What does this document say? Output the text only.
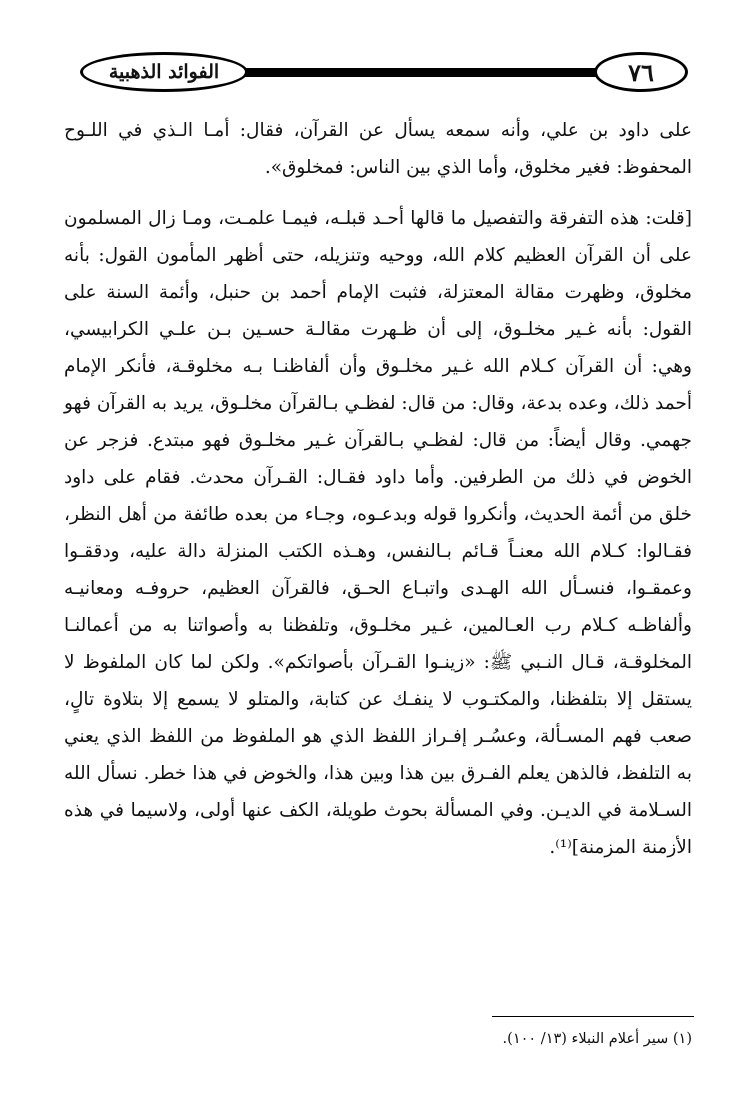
الفوائد الذهبية	٧٦

على داود بن علي، وأنه سمعه يسأل عن القرآن، فقال: أمـا الـذي في اللـوح المحفوظ: فغير مخلوق، وأما الذي بين الناس: فمخلوق».

[قلت: هذه التفرقة والتفصيل ما قالها أحـد قبلـه، فيمـا علمـت، ومـا زال المسلمون على أن القرآن العظيم كلام الله، ووحيه وتنزيله، حتى أظهر المأمون القول: بأنه مخلوق، وظهرت مقالة المعتزلة، فثبت الإمام أحمد بن حنبل، وأئمة السنة على القول: بأنه غـير مخلـوق، إلى أن ظـهرت مقالـة حسـين بـن علـي الكرابيسي، وهي: أن القرآن كـلام الله غـير مخلـوق وأن ألفاظنـا بـه مخلوقـة، فأنكر الإمام أحمد ذلك، وعده بدعة، وقال: من قال: لفظـي بـالقرآن مخلـوق، يريد به القرآن فهو جهمي. وقال أيضاً: من قال: لفظـي بـالقرآن غـير مخلـوق فهو مبتدع. فزجر عن الخوض في ذلك من الطرفين. وأما داود فقـال: القـرآن محدث. فقام على داود خلق من أئمة الحديث، وأنكروا قوله وبدعـوه، وجـاء من بعده طائفة من أهل النظر، فقـالوا: كـلام الله معنـاً قـائم بـالنفس، وهـذه الكتب المنزلة دالة عليه، ودققـوا وعمقـوا، فنسـأل الله الهـدى واتبـاع الحـق، فالقرآن العظيم، حروفـه ومعانيـه وألفاظـه كـلام رب العـالمين، غـير مخلـوق، وتلفظنا به وأصواتنا به من أعمالنـا المخلوقـة، قـال النـبي ﷺ: «زينـوا القـرآن بأصواتكم». ولكن لما كان الملفوظ لا يستقل إلا بتلفظنا، والمكتـوب لا ينفـك عن كتابة، والمتلو لا يسمع إلا بتلاوة تالٍ، صعب فهم المسـألة، وعسُـر إفـراز اللفظ الذي هو الملفوظ من اللفظ الذي يعني به التلفظ، فالذهن يعلم الفـرق بين هذا وبين هذا، والخوض في هذا خطر. نسأل الله السـلامة في الديـن. وفي المسألة بحوث طويلة، الكف عنها أولى، ولاسيما في هذه الأزمنة المزمنة]⁽¹⁾.

(١) سير أعلام النبلاء (١٣/ ١٠٠).
